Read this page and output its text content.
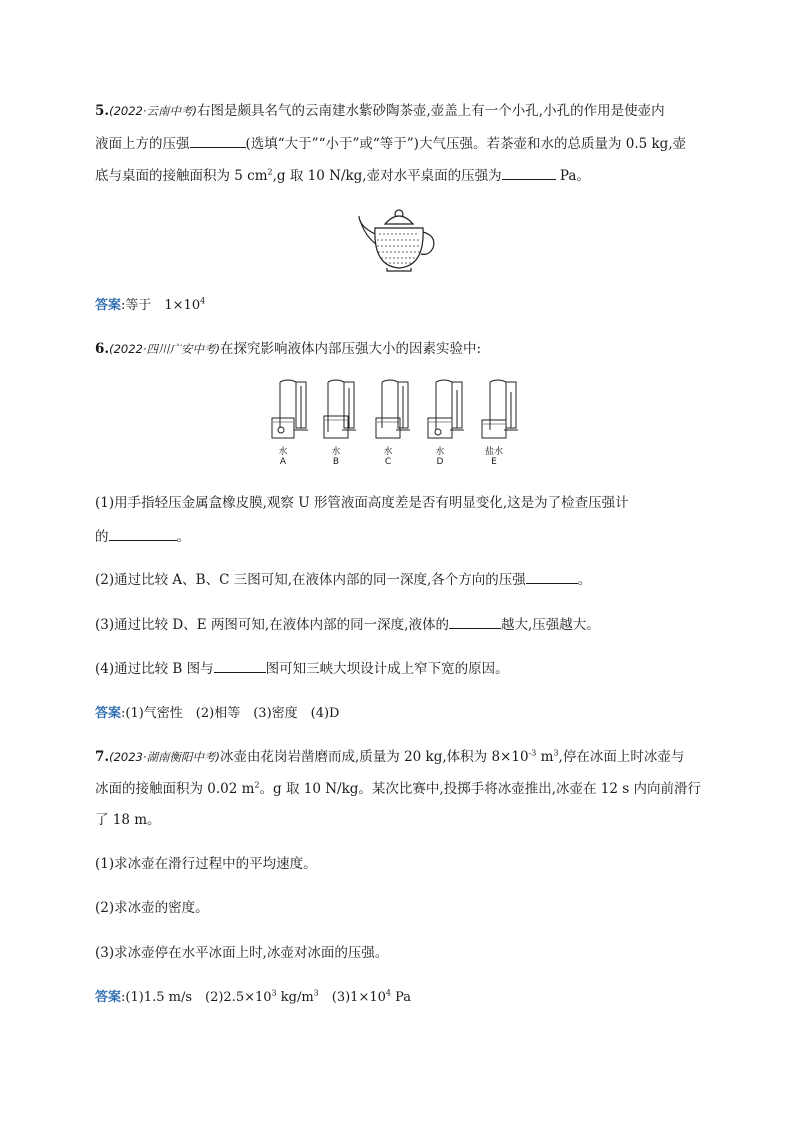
5.(2022·云南中考)右图是颇具名气的云南建水紫砂陶茶壶,壶盖上有一个小孔,小孔的作用是使壶内
液面上方的压强	(选填“大于”“小于”或“等于”)大气压强。若茶壶和水的总质量为 0.5 kg,壶
底与桌面的接触面积为 5 $cm^2,g$ 取 10 N/kg,壶对水平桌面的压强为	Pa。
答案:等于　$1\times 10^4$
6.(2022·四川广安中考)在探究影响液体内部压强大小的因素实验中:
水
A
水
B
水
C
水
D
盐水
E
(1)用手指轻压金属盒橡皮膜,观察 U 形管液面高度差是否有明显变化,这是为了检查压强计
的	。
(2)通过比较 A、B、C 三图可知,在液体内部的同一深度,各个方向的压强	。
(3)通过比较 D、E 两图可知,在液体内部的同一深度,液体的	越大,压强越大。
(4)通过比较 B 图与	图可知三峡大坝设计成上窄下宽的原因。
答案:(1)气密性　(2)相等　(3)密度　(4)D
7.(2023·湖南衡阳中考)冰壶由花岗岩凿磨而成,质量为 20 kg,体积为 $8\times 10^{-3}$ $m^3$,停在冰面上时冰壶与
冰面的接触面积为 0.02 $m^2$。g 取 10 N/kg。某次比赛中,投掷手将冰壶推出,冰壶在 12 s 内向前滑行
了 18 m。
(1)求冰壶在滑行过程中的平均速度。
(2)求冰壶的密度。
(3)求冰壶停在水平冰面上时,冰壶对冰面的压强。
答案:(1)1.5 m/s　$(2)2.5\times 10^3$ $kg/m^3$　$(3)1\times 10^4$ Pa
